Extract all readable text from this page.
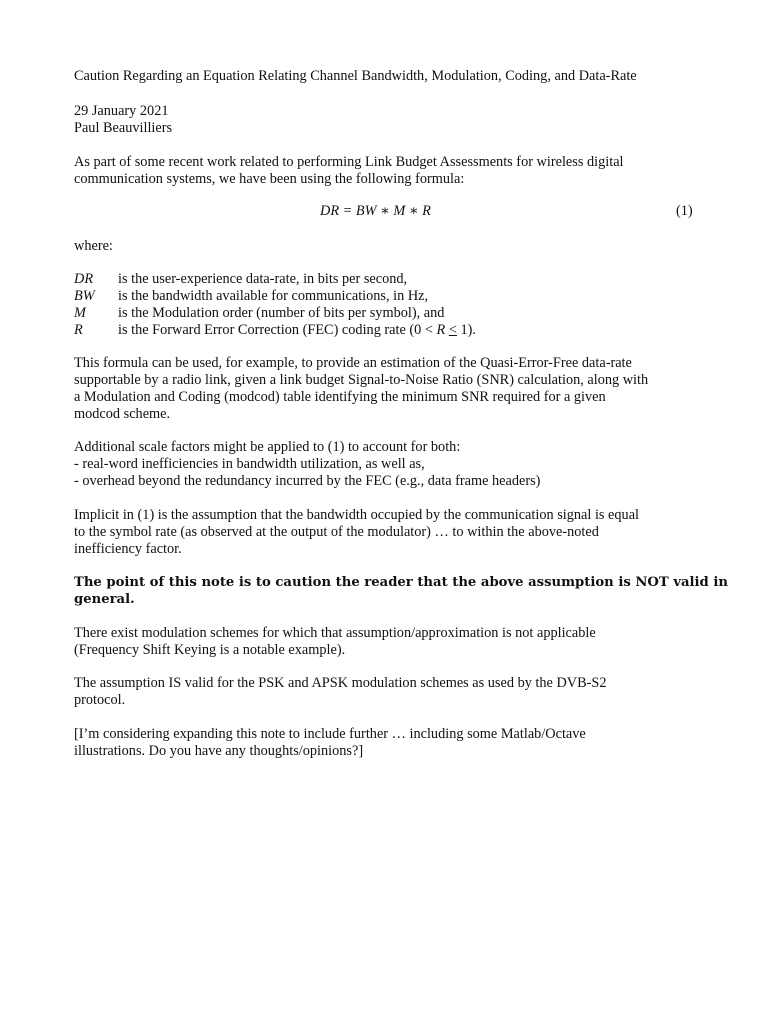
Caution Regarding an Equation Relating Channel Bandwidth, Modulation, Coding, and Data-Rate
29 January 2021
Paul Beauvilliers
As part of some recent work related to performing Link Budget Assessments for wireless digital
communication systems, we have been using the following formula:
DR = BW ∗ M ∗ R	(1)
where:
DR is the user-experience data-rate, in bits per second,
BW is the bandwidth available for communications, in Hz,
M is the Modulation order (number of bits per symbol), and
R is the Forward Error Correction (FEC) coding rate (0 < R < 1).
This formula can be used, for example, to provide an estimation of the Quasi-Error-Free data-rate
supportable by a radio link, given a link budget Signal-to-Noise Ratio (SNR) calculation, along with
a Modulation and Coding (modcod) table identifying the minimum SNR required for a given
modcod scheme.
Additional scale factors might be applied to (1) to account for both:
- real-word inefficiencies in bandwidth utilization, as well as,
- overhead beyond the redundancy incurred by the FEC (e.g., data frame headers)
Implicit in (1) is the assumption that the bandwidth occupied by the communication signal is equal
to the symbol rate (as observed at the output of the modulator) … to within the above-noted
inefficiency factor.
The point of this note is to caution the reader that the above assumption is NOT valid in
general.
There exist modulation schemes for which that assumption/approximation is not applicable
(Frequency Shift Keying is a notable example).
The assumption IS valid for the PSK and APSK modulation schemes as used by the DVB-S2
protocol.
[I’m considering expanding this note to include further … including some Matlab/Octave
illustrations. Do you have any thoughts/opinions?]
